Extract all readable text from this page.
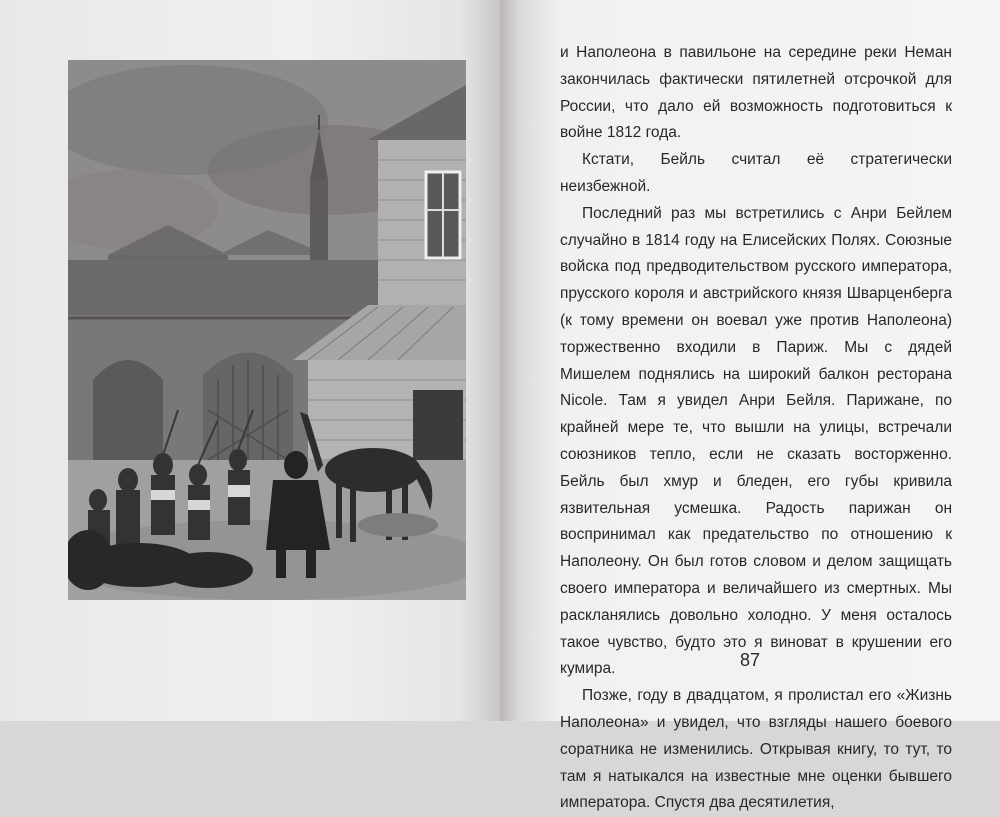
и Наполеона в павильоне на середине реки Неман закончилась фактически пятилетней отсрочкой для России, что дало ей возможность подготовиться к войне 1812 года.

Кстати, Бейль считал её стратегически неизбежной.

Последний раз мы встретились с Анри Бейлем случайно в 1814 году на Елисейских Полях. Союзные войска под предводительством русского императора, прусского короля и австрийского князя Шварценберга (к тому времени он воевал уже против Наполеона) торжественно входили в Париж. Мы с дядей Мишелем поднялись на широкий балкон ресторана Nicole. Там я увидел Анри Бейля. Парижане, по крайней мере те, что вышли на улицы, встречали союзников тепло, если не сказать восторженно. Бейль был хмур и бледен, его губы кривила язвительная усмешка. Радость парижан он воспринимал как предательство по отношению к Наполеону. Он был готов словом и делом защищать своего императора и величайшего из смертных. Мы раскланялись довольно холодно. У меня осталось такое чувство, будто это я виноват в крушении его кумира.

Позже, году в двадцатом, я пролистал его «Жизнь Наполеона» и увидел, что взгляды нашего боевого соратника не изменились. Открывая книгу, то тут, то там я натыкался на известные мне оценки бывшего императора. Спустя два десятилетия,

87
